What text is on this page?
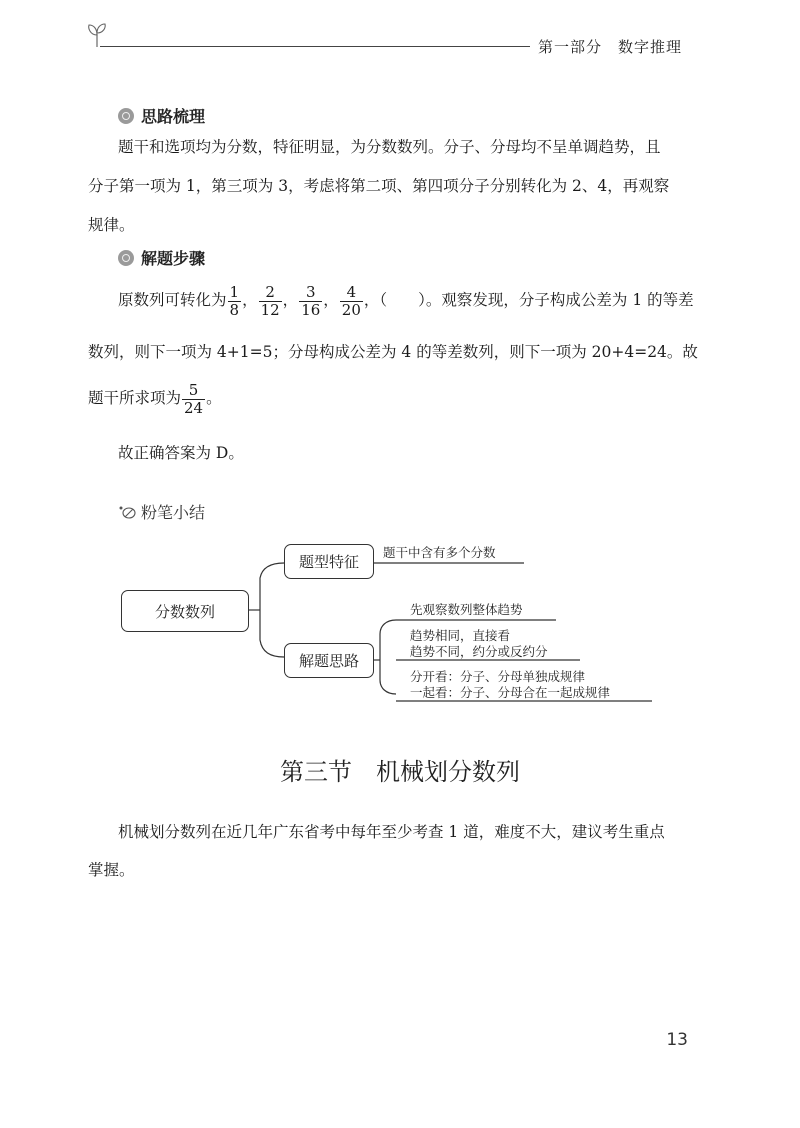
第一部分　数字推理
思路梳理
题干和选项均为分数，特征明显，为分数数列。分子、分母均不呈单调趋势，且
分子第一项为 1，第三项为 3，考虑将第二项、第四项分子分别转化为 2、4，再观察
规律。
解题步骤
原数列可转化为 $\frac{1}{8}$ ， $\frac{2}{12}$ ， $\frac{3}{16}$ ， $\frac{4}{20}$ ，（　　）。观察发现，分子构成公差为 1 的等差
数列，则下一项为 4+1=5；分母构成公差为 4 的等差数列，则下一项为 20+4=24。故
题干所求项为 $\frac{5}{24}$ 。
故正确答案为 D。
粉笔小结
分数数列
题型特征
解题思路
题干中含有多个分数
先观察数列整体趋势
趋势相同，直接看
趋势不同，约分或反约分
分开看：分子、分母单独成规律
一起看：分子、分母合在一起成规律
第三节　机械划分数列
机械划分数列在近几年广东省考中每年至少考查 1 道，难度不大，建议考生重点
掌握。
13
